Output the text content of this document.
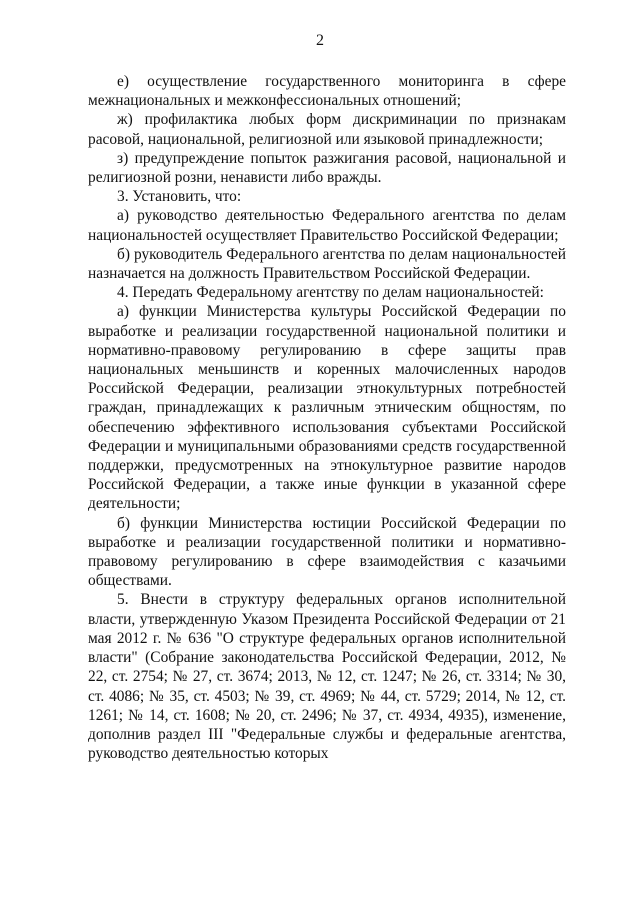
2

е) осуществление государственного мониторинга в сфере межнациональных и межконфессиональных отношений;

ж) профилактика любых форм дискриминации по признакам расовой, национальной, религиозной или языковой принадлежности;

з) предупреждение попыток разжигания расовой, национальной и религиозной розни, ненависти либо вражды.

3. Установить, что:

а) руководство деятельностью Федерального агентства по делам национальностей осуществляет Правительство Российской Федерации;

б) руководитель Федерального агентства по делам национальностей назначается на должность Правительством Российской Федерации.

4. Передать Федеральному агентству по делам национальностей:

а) функции Министерства культуры Российской Федерации по выработке и реализации государственной национальной политики и нормативно-правовому регулированию в сфере защиты прав национальных меньшинств и коренных малочисленных народов Российской Федерации, реализации этнокультурных потребностей граждан, принадлежащих к различным этническим общностям, по обеспечению эффективного использования субъектами Российской Федерации и муниципальными образованиями средств государственной поддержки, предусмотренных на этнокультурное развитие народов Российской Федерации, а также иные функции в указанной сфере деятельности;

б) функции Министерства юстиции Российской Федерации по выработке и реализации государственной политики и нормативно-правовому регулированию в сфере взаимодействия с казачьими обществами.

5. Внести в структуру федеральных органов исполнительной власти, утвержденную Указом Президента Российской Федерации от 21 мая 2012 г. № 636 "О структуре федеральных органов исполнительной власти" (Собрание законодательства Российской Федерации, 2012, № 22, ст. 2754; № 27, ст. 3674; 2013, № 12, ст. 1247; № 26, ст. 3314; № 30, ст. 4086; № 35, ст. 4503; № 39, ст. 4969; № 44, ст. 5729; 2014, № 12, ст. 1261; № 14, ст. 1608; № 20, ст. 2496; № 37, ст. 4934, 4935), изменение, дополнив раздел III "Федеральные службы и федеральные агентства, руководство деятельностью которых
